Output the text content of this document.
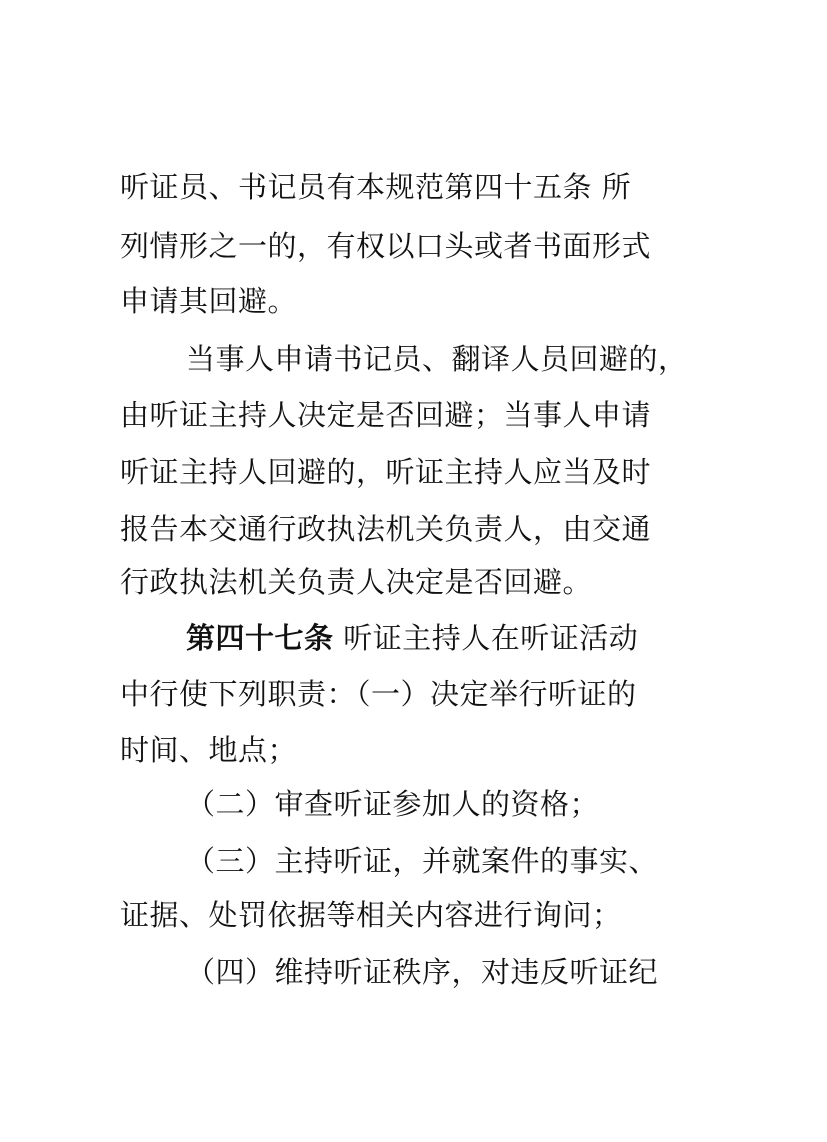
听证员、书记员有本规范第四十五条 所
列情形之一的，有权以口头或者书面形式
申请其回避。
当事人申请书记员、翻译人员回避的，
由听证主持人决定是否回避；当事人申请
听证主持人回避的，听证主持人应当及时
报告本交通行政执法机关负责人，由交通
行政执法机关负责人决定是否回避。
第四十七条 听证主持人在听证活动
中行使下列职责：（一）决定举行听证的
时间、地点；
（二）审查听证参加人的资格；
（三）主持听证，并就案件的事实、
证据、处罚依据等相关内容进行询问；
（四）维持听证秩序，对违反听证纪
